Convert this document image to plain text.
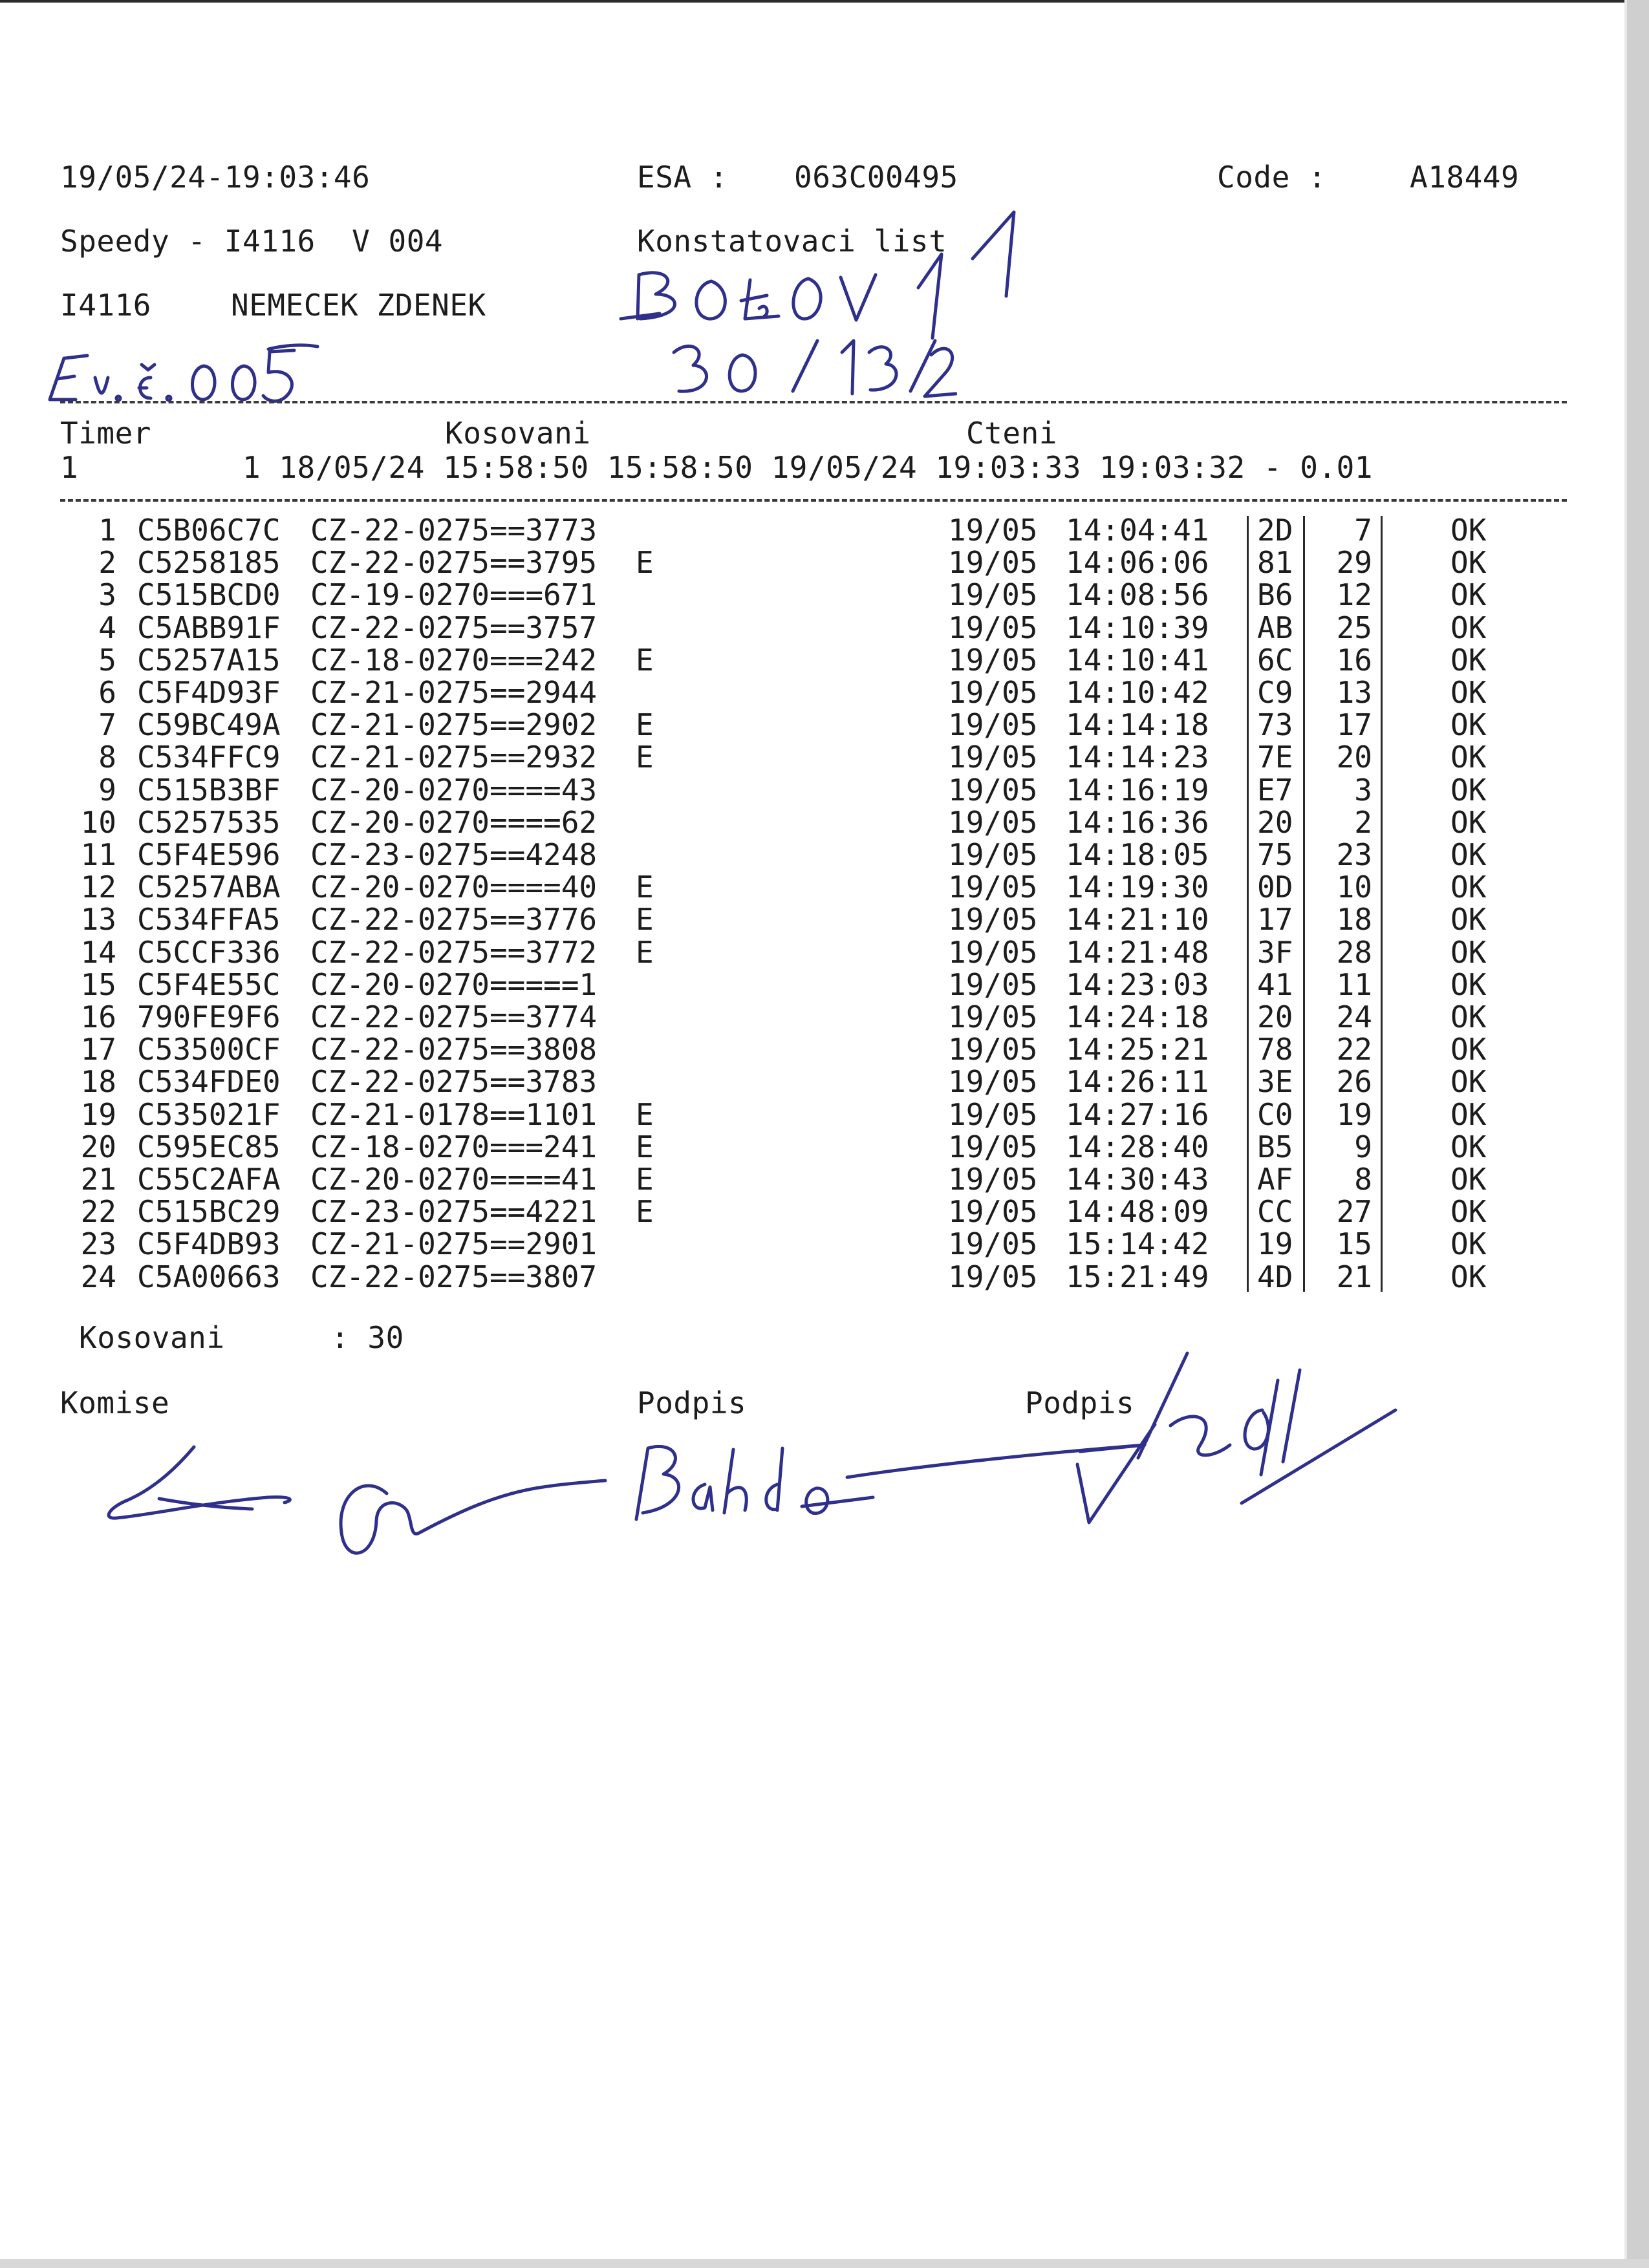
19/05/24-19:03:46	ESA : 063C00495	Code :	A18449
Speedy - I4116  V 004	Konstatovaci list
I4116	NEMECEK ZDENEK
Timer	Kosovani	Cteni
1         1 18/05/24 15:58:50 15:58:50 19/05/24 19:03:33 19:03:32 - 0.01
1 C5B06C7C CZ-22-0275==3773	19/05 14:04:41 2D	7	OK
2 C5258185 CZ-22-0275==3795 E	19/05 14:06:06 81	29	OK
3 C515BCD0 CZ-19-0270===671	19/05 14:08:56 B6	12	OK
4 C5ABB91F CZ-22-0275==3757	19/05 14:10:39 AB	25	OK
5 C5257A15 CZ-18-0270===242 E	19/05 14:10:41 6C	16	OK
6 C5F4D93F CZ-21-0275==2944	19/05 14:10:42 C9	13	OK
7 C59BC49A CZ-21-0275==2902 E	19/05 14:14:18 73	17	OK
8 C534FFC9 CZ-21-0275==2932 E	19/05 14:14:23 7E	20	OK
9 C515B3BF CZ-20-0270====43	19/05 14:16:19 E7	3	OK
10 C5257535 CZ-20-0270====62	19/05 14:16:36 20	2	OK
11 C5F4E596 CZ-23-0275==4248	19/05 14:18:05 75	23	OK
12 C5257ABA CZ-20-0270====40 E	19/05 14:19:30 0D	10	OK
13 C534FFA5 CZ-22-0275==3776 E	19/05 14:21:10 17	18	OK
14 C5CCF336 CZ-22-0275==3772 E	19/05 14:21:48 3F	28	OK
15 C5F4E55C CZ-20-0270=====1	19/05 14:23:03 41	11	OK
16 790FE9F6 CZ-22-0275==3774	19/05 14:24:18 20	24	OK
17 C53500CF CZ-22-0275==3808	19/05 14:25:21 78	22	OK
18 C534FDE0 CZ-22-0275==3783	19/05 14:26:11 3E	26	OK
19 C535021F CZ-21-0178==1101 E	19/05 14:27:16 C0	19	OK
20 C595EC85 CZ-18-0270===241 E	19/05 14:28:40 B5	9	OK
21 C55C2AFA CZ-20-0270====41 E	19/05 14:30:43 AF	8	OK
22 C515BC29 CZ-23-0275==4221 E	19/05 14:48:09 CC	27	OK
23 C5F4DB93 CZ-21-0275==2901	19/05 15:14:42 19	15	OK
24 C5A00663 CZ-22-0275==3807	19/05 15:21:49 4D	21	OK
Kosovani	: 30
Komise	Podpis	Podpis
